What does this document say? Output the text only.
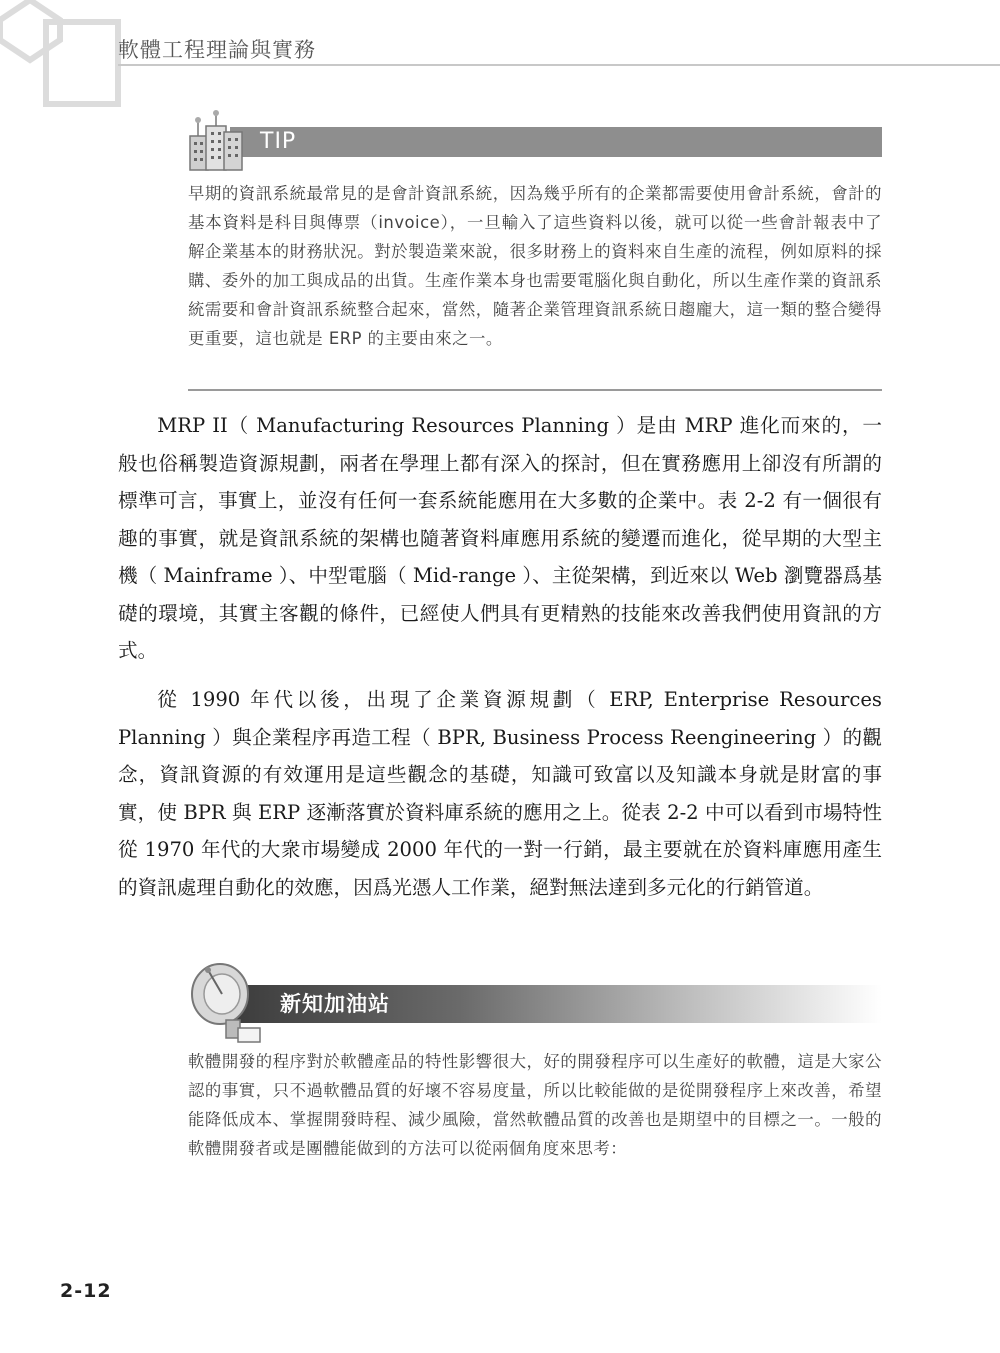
軟體工程理論與實務
TIP
早期的資訊系統最常見的是會計資訊系統，因為幾乎所有的企業都需要使用會計系統，會計的基本資料是科目與傳票（invoice），一旦輸入了這些資料以後，就可以從一些會計報表中了解企業基本的財務狀況。對於製造業來說，很多財務上的資料來自生產的流程，例如原料的採購、委外的加工與成品的出貨。生產作業本身也需要電腦化與自動化，所以生產作業的資訊系統需要和會計資訊系統整合起來，當然，隨著企業管理資訊系統日趨龐大，這一類的整合變得更重要，這也就是 ERP 的主要由來之一。
MRP II（ Manufacturing Resources Planning ）是由 MRP 進化而來的，一般也俗稱製造資源規劃，兩者在學理上都有深入的探討，但在實務應用上卻沒有所謂的標準可言，事實上，並沒有任何一套系統能應用在大多數的企業中。表 2-2 有一個很有趣的事實，就是資訊系統的架構也隨著資料庫應用系統的變遷而進化，從早期的大型主機（ Mainframe ）、中型電腦（ Mid-range ）、主從架構，到近來以 Web 瀏覽器爲基礎的環境，其實主客觀的條件，已經使人們具有更精熟的技能來改善我們使用資訊的方式。
從 1990 年代以後，出現了企業資源規劃（ ERP, Enterprise Resources Planning ）與企業程序再造工程（ BPR, Business Process Reengineering ）的觀念，資訊資源的有效運用是這些觀念的基礎，知識可致富以及知識本身就是財富的事實，使 BPR 與 ERP 逐漸落實於資料庫系統的應用之上。從表 2-2 中可以看到市場特性從 1970 年代的大衆市場變成 2000 年代的一對一行銷，最主要就在於資料庫應用產生的資訊處理自動化的效應，因爲光憑人工作業，絕對無法達到多元化的行銷管道。
新知加油站
軟體開發的程序對於軟體產品的特性影響很大，好的開發程序可以生產好的軟體，這是大家公認的事實，只不過軟體品質的好壞不容易度量，所以比較能做的是從開發程序上來改善，希望能降低成本、掌握開發時程、減少風險，當然軟體品質的改善也是期望中的目標之一。一般的軟體開發者或是團體能做到的方法可以從兩個角度來思考：
2-12
